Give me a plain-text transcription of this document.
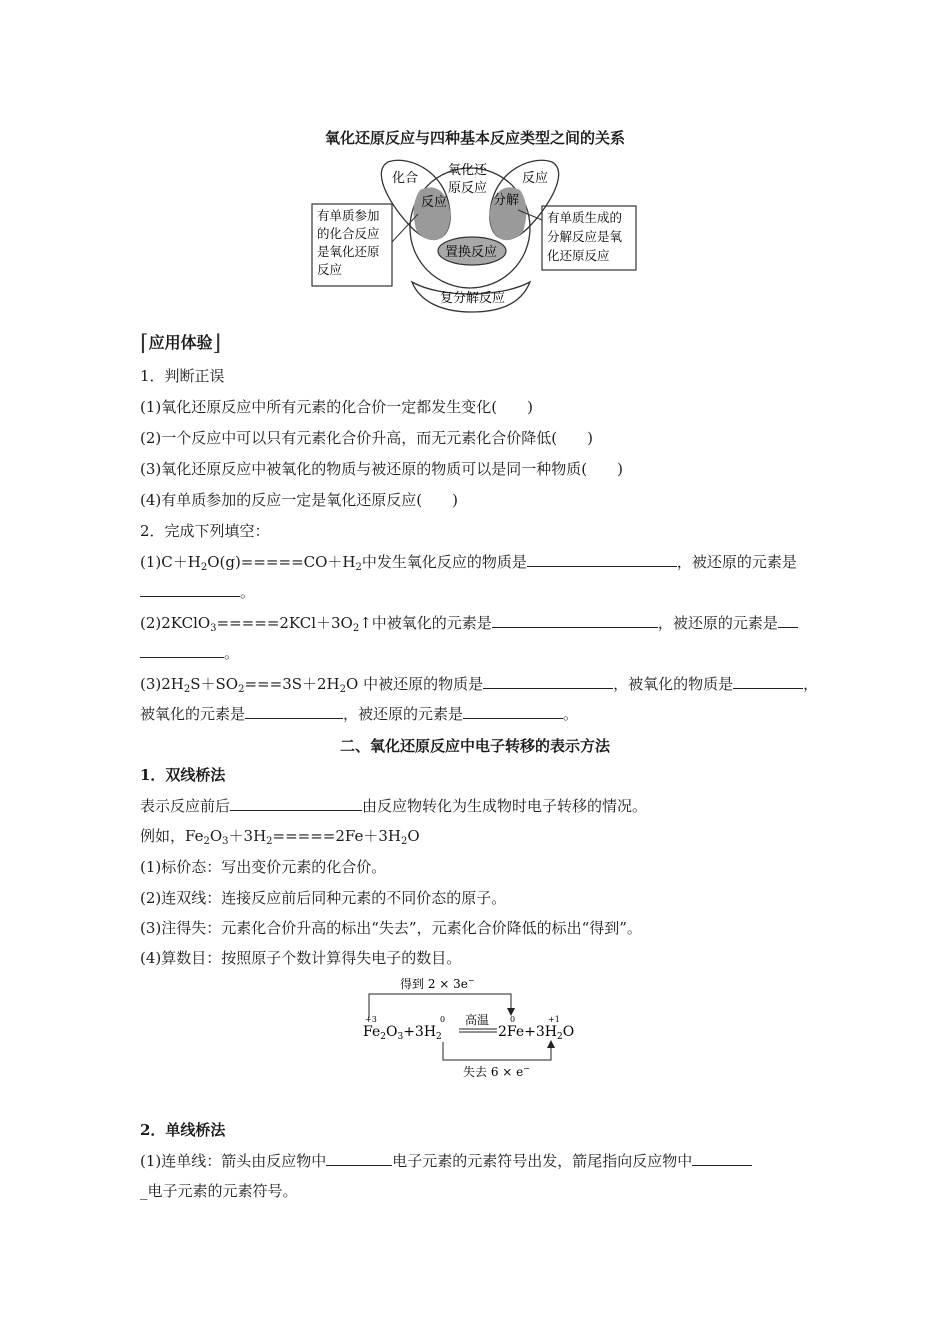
氧化还原反应与四种基本反应类型之间的关系
化合
反应
氧化还
原反应
反应
分解
置换反应
复分解反应
有单质参加
的化合反应
是氧化还原
反应
有单质生成的
分解反应是氧
化还原反应
⌈应用体验⌋
1．判断正误
(1)氧化还原反应中所有元素的化合价一定都发生变化(　　)
(2)一个反应中可以只有元素化合价升高，而无元素化合价降低(　　)
(3)氧化还原反应中被氧化的物质与被还原的物质可以是同一种物质(　　)
(4)有单质参加的反应一定是氧化还原反应(　　)
2．完成下列填空：
$(1)C+H_2O(g)=====CO+H_2$中发生氧化反应的物质是	，被还原的元素是
。
$(2)2KClO_3=====2KCl+3O_2↑$中被氧化的元素是	，被还原的元素是
。
$(3)2H_2S+SO_2===3S+2H_2O$ 中被还原的物质是	，被氧化的物质是	，
被氧化的元素是	，被还原的元素是	。
二、氧化还原反应中电子转移的表示方法
1．双线桥法
表示反应前后	由反应物转化为生成物时电子转移的情况。
例如，$Fe_2O_3+3H_2=====2Fe+3H_2O$
(1)标价态：写出变价元素的化合价。
(2)连双线：连接反应前后同种元素的不同价态的原子。
(3)注得失：元素化合价升高的标出“失去”，元素化合价降低的标出“得到”。
(4)算数目：按照原子个数计算得失电子的数目。
得到 2 × 3e−
+3	0	0	+1
高温
$Fe_2O_3+3H_2$	$2Fe+3H_2O$
失去 6 × e−
2．单线桥法
(1)连单线：箭头由反应物中	电子元素的元素符号出发，箭尾指向反应物中
_电子元素的元素符号。
